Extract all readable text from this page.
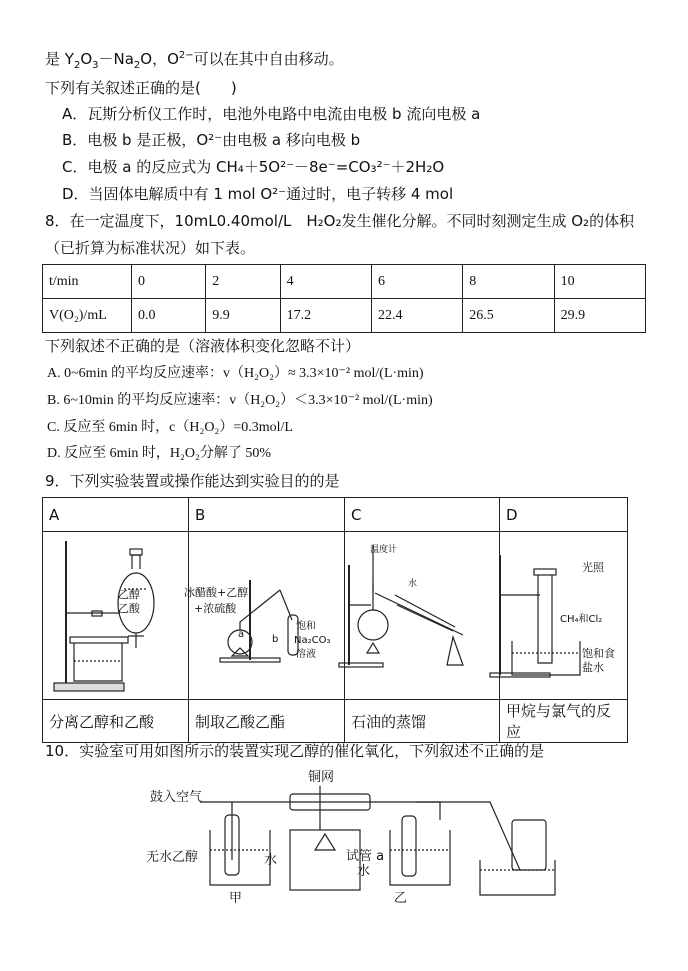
是 $Y_2O_3-Na_2O$，$O^{2-}$可以在其中自由移动。
下列有关叙述正确的是(　　)
A．瓦斯分析仪工作时，电池外电路中电流由电极 b 流向电极 a
B．电极 b 是正极，O²⁻由电极 a 移向电极 b
C．电极 a 的反应式为 CH₄＋5O²⁻－8e⁻=CO₃²⁻＋2H₂O
D．当固体电解质中有 1 mol O²⁻通过时，电子转移 4 mol
8．在一定温度下，10mL0.40mol/L　H₂O₂发生催化分解。不同时刻测定生成 O₂的体积
（已折算为标准状况）如下表。
t/min	0	2	4	6	8	10
V(O₂)/mL	0.0	9.9	17.2	22.4	26.5	29.9
下列叙述不正确的是（溶液体积变化忽略不计）
A. 0~6min 的平均反应速率：v（H₂O₂）≈ 3.3×10⁻² mol/(L·min)
B. 6~10min 的平均反应速率：v（H₂O₂）＜3.3×10⁻² mol/(L·min)
C. 反应至 6min 时，c（H₂O₂）=0.3mol/L
D. 反应至 6min 时，H₂O₂分解了 50%
9．下列实验装置或操作能达到实验目的的是
A	B	C	D

分离乙醇和乙酸	制取乙酸乙酯	石油的蒸馏	甲烷与氯气的反应
乙醇
乙酸
冰醋酸+乙醇
+浓硫酸
a	b
饱和
Na₂CO₃
溶液
温度计
水
光照
CH₄和Cl₂
饱和食
盐水
10．实验室可用如图所示的装置实现乙醇的催化氧化，下列叙述不正确的是
鼓入空气
铜网
无水乙醇	水	试管 a
水
甲	乙
